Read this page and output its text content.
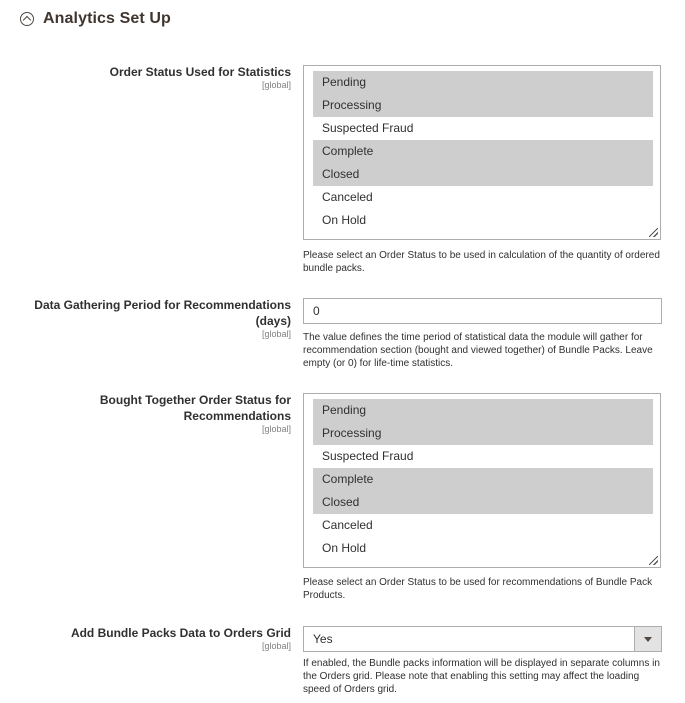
Analytics Set Up
Order Status Used for Statistics
[global]	Pending
Processing
Suspected Fraud
Complete
Closed
Canceled
On Hold
Please select an Order Status to be used in calculation of the quantity of ordered bundle packs.
Data Gathering Period for Recommendations
(days)
[global]
0 The value defines the time period of statistical data the module will gather for recommendation section (bought and viewed together) of Bundle Packs. Leave empty (or 0) for life-time statistics.
Bought Together Order Status for
Recommendations
[global]
Pending
Processing
Suspected Fraud
Complete
Closed
Canceled
On Hold
Please select an Order Status to be used for recommendations of Bundle Pack Products.
Add Bundle Packs Data to Orders Grid
[global] Yes
If enabled, the Bundle packs information will be displayed in separate columns in the Orders grid. Please note that enabling this setting may affect the loading speed of Orders grid.
